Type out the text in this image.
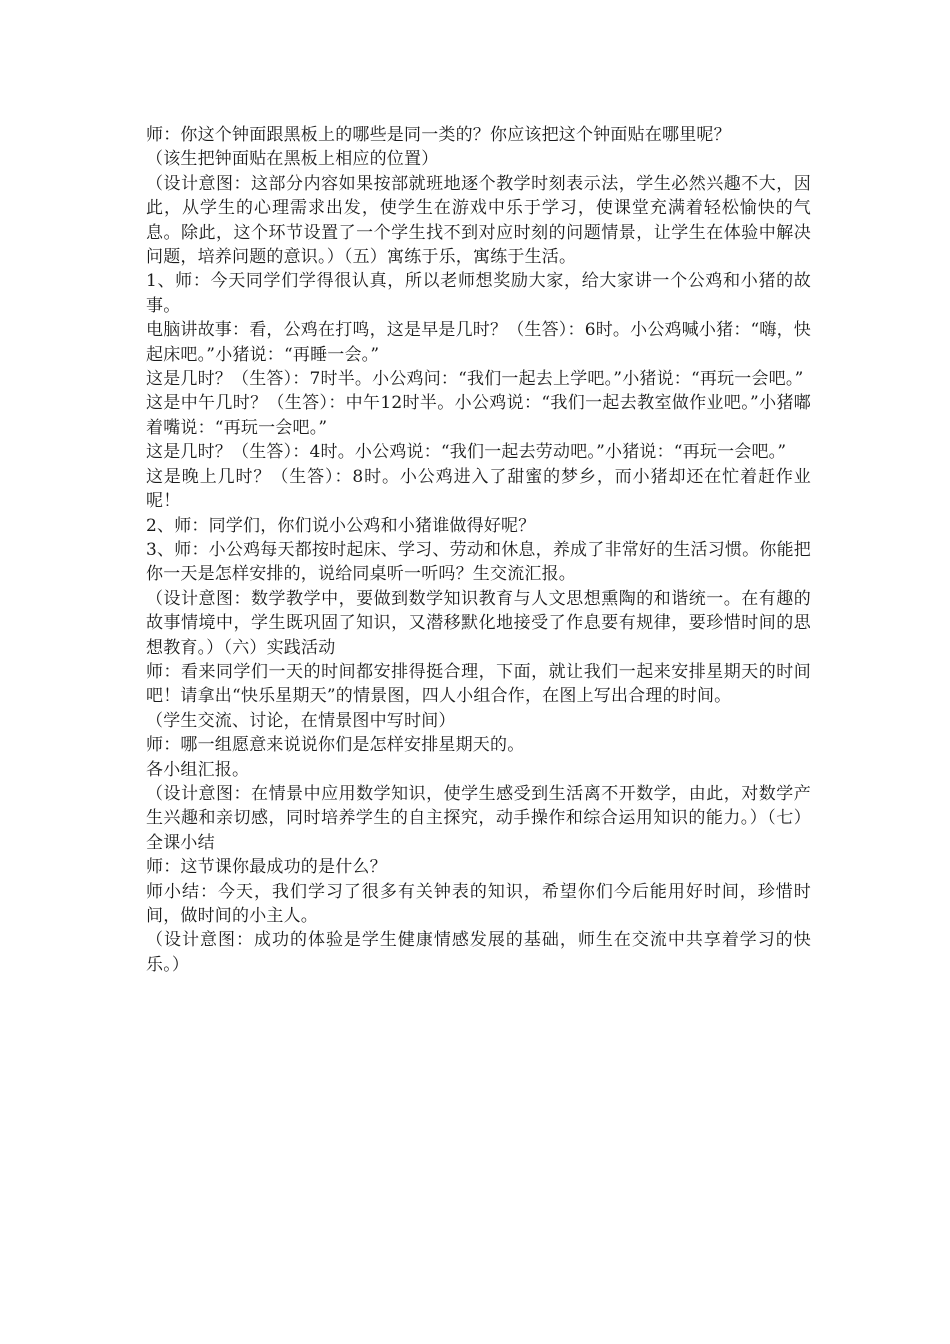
师：你这个钟面跟黑板上的哪些是同一类的？你应该把这个钟面贴在哪里呢？

（该生把钟面贴在黑板上相应的位置）

（设计意图：这部分内容如果按部就班地逐个教学时刻表示法，学生必然兴趣不大，因此，从学生的心理需求出发，使学生在游戏中乐于学习，使课堂充满着轻松愉快的气息。除此，这个环节设置了一个学生找不到对应时刻的问题情景，让学生在体验中解决问题，培养问题的意识。）（五）寓练于乐，寓练于生活。

1、师：今天同学们学得很认真，所以老师想奖励大家，给大家讲一个公鸡和小猪的故事。

电脑讲故事：看，公鸡在打鸣，这是早是几时？（生答）：6时。小公鸡喊小猪：“嗨，快起床吧。”小猪说：“再睡一会。”

这是几时？（生答）：7时半。小公鸡问：“我们一起去上学吧。”小猪说：“再玩一会吧。”

这是中午几时？（生答）：中午12时半。小公鸡说：“我们一起去教室做作业吧。”小猪嘟着嘴说：“再玩一会吧。”

这是几时？（生答）：4时。小公鸡说：“我们一起去劳动吧。”小猪说：“再玩一会吧。”

这是晚上几时？（生答）：8时。小公鸡进入了甜蜜的梦乡，而小猪却还在忙着赶作业 呢！

2、师：同学们，你们说小公鸡和小猪谁做得好呢？

3、师：小公鸡每天都按时起床、学习、劳动和休息，养成了非常好的生活习惯。你能把你一天是怎样安排的，说给同桌听一听吗？生交流汇报。

（设计意图：数学教学中，要做到数学知识教育与人文思想熏陶的和谐统一。在有趣的故事情境中，学生既巩固了知识，又潜移默化地接受了作息要有规律，要珍惜时间的思想教育。）（六）实践活动

师：看来同学们一天的时间都安排得挺合理，下面，就让我们一起来安排星期天的时间吧！请拿出“快乐星期天”的情景图，四人小组合作，在图上写出合理的时间。

（学生交流、讨论，在情景图中写时间）

师：哪一组愿意来说说你们是怎样安排星期天的。

各小组汇报。

（设计意图：在情景中应用数学知识，使学生感受到生活离不开数学，由此，对数学产生兴趣和亲切感，同时培养学生的自主探究，动手操作和综合运用知识的能力。）（七）全课小结

师：这节课你最成功的是什么？

师小结：今天，我们学习了很多有关钟表的知识，希望你们今后能用好时间，珍惜时间，做时间的小主人。

（设计意图：成功的体验是学生健康情感发展的基础，师生在交流中共享着学习的快乐。）
